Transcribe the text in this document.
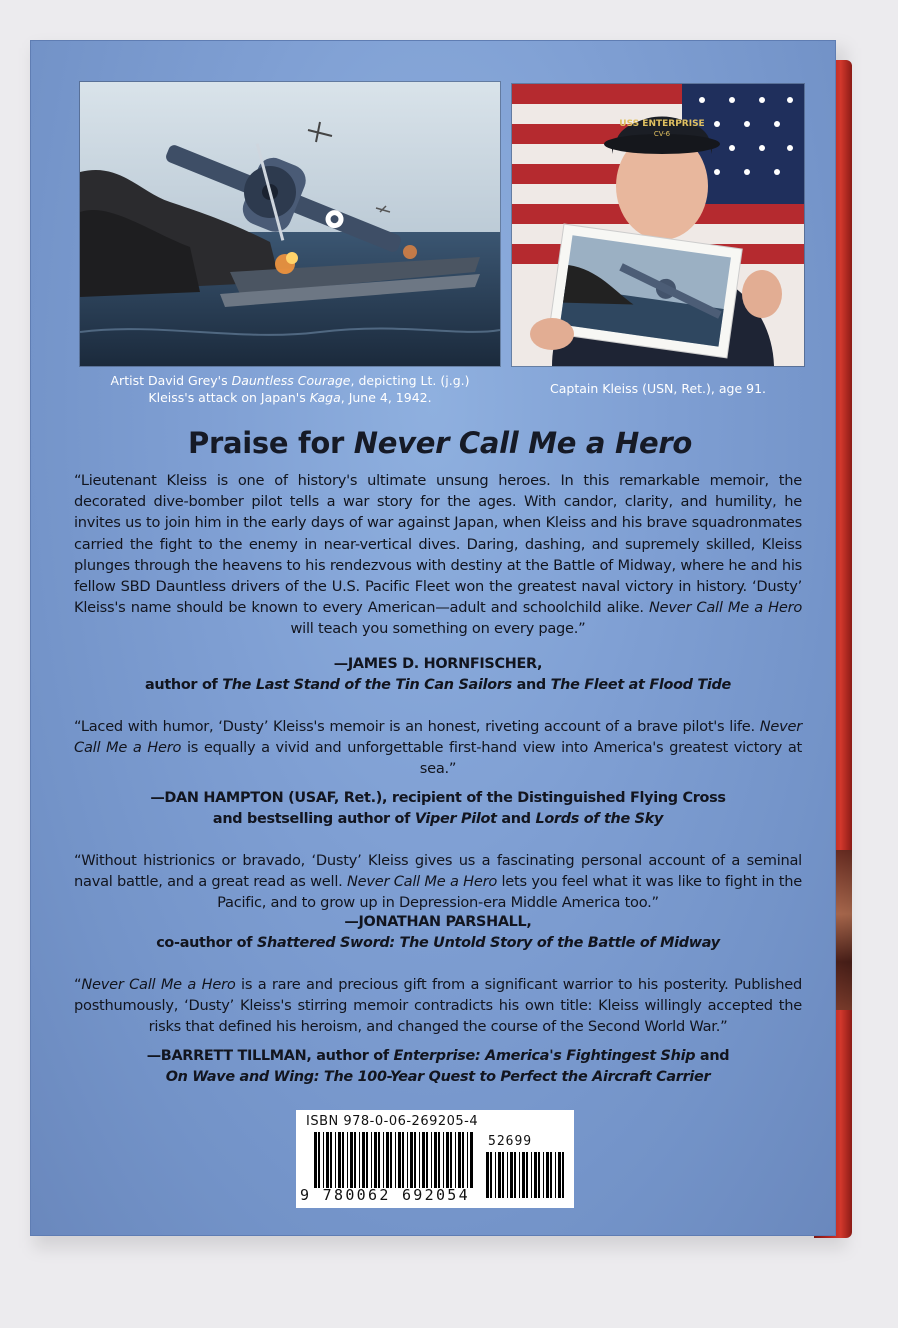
USS ENTERPRISE
CV-6
Artist David Grey's Dauntless Courage, depicting Lt. (j.g.)
Kleiss's attack on Japan's Kaga, June 4, 1942.
Captain Kleiss (USN, Ret.), age 91.
Praise for Never Call Me a Hero
“Lieutenant Kleiss is one of history's ultimate unsung heroes. In this remarkable memoir, the decorated dive-bomber pilot tells a war story for the ages. With candor, clarity, and humility, he invites us to join him in the early days of war against Japan, when Kleiss and his brave squadronmates carried the fight to the enemy in near-vertical dives. Daring, dashing, and supremely skilled, Kleiss plunges through the heavens to his rendezvous with destiny at the Battle of Midway, where he and his fellow SBD Dauntless drivers of the U.S. Pacific Fleet won the greatest naval victory in history. ‘Dusty’ Kleiss's name should be known to every American—adult and schoolchild alike. Never Call Me a Hero will teach you something on every page.”
—JAMES D. HORNFISCHER,
author of The Last Stand of the Tin Can Sailors and The Fleet at Flood Tide
“Laced with humor, ‘Dusty’ Kleiss's memoir is an honest, riveting account of a brave pilot's life. Never Call Me a Hero is equally a vivid and unforgettable first-hand view into America's greatest victory at sea.”
—DAN HAMPTON (USAF, Ret.), recipient of the Distinguished Flying Cross
and bestselling author of Viper Pilot and Lords of the Sky
“Without histrionics or bravado, ‘Dusty’ Kleiss gives us a fascinating personal account of a seminal naval battle, and a great read as well. Never Call Me a Hero lets you feel what it was like to fight in the Pacific, and to grow up in Depression-era Middle America too.”
—JONATHAN PARSHALL,
co-author of Shattered Sword: The Untold Story of the Battle of Midway
“Never Call Me a Hero is a rare and precious gift from a significant warrior to his posterity. Published posthumously, ‘Dusty’ Kleiss's stirring memoir contradicts his own title: Kleiss willingly accepted the risks that defined his heroism, and changed the course of the Second World War.”
—BARRETT TILLMAN, author of Enterprise: America's Fightingest Ship and
On Wave and Wing: The 100-Year Quest to Perfect the Aircraft Carrier
ISBN 978-0-06-269205-4
52699
9 780062 692054
